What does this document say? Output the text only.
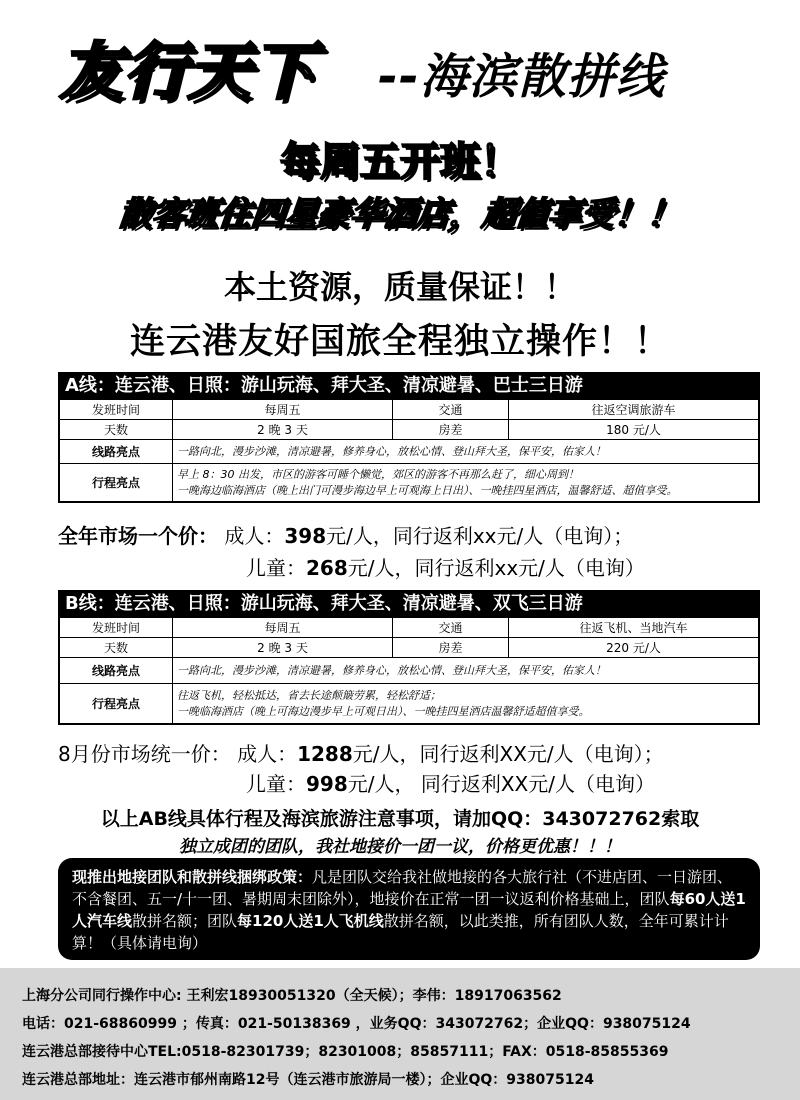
友行天下 --海滨散拼线
每周五开班！
散客班住四星豪华酒店，超值享受！！
本土资源，质量保证！！
连云港友好国旅全程独立操作！！
A线：连云港、日照：游山玩海、拜大圣、清凉避暑、巴士三日游
发班时间	每周五	交通	往返空调旅游车
天数	2 晚 3 天	房差	180 元/人
线路亮点	一路向北，漫步沙滩，清凉避暑，修养身心，放松心情、登山拜大圣，保平安，佑家人！		
行程亮点	早上 8：30 出发，市区的游客可睡个懒觉，郊区的游客不再那么赶了，细心周到！
一晚海边临海酒店（晚上出门可漫步海边早上可观海上日出）、一晚挂四星酒店，温馨舒适、超值享受。		
全年市场一个价： 成人：398元/人，同行返利xx元/人（电询）；
儿童：268元/人，同行返利xx元/人（电询）
B线：连云港、日照：游山玩海、拜大圣、清凉避暑、双飞三日游
发班时间	每周五	交通	往返飞机、当地汽车
天数	2 晚 3 天	房差	220 元/人
线路亮点	一路向北，漫步沙滩，清凉避暑，修养身心，放松心情、登山拜大圣，保平安，佑家人！		
行程亮点	往返飞机，轻松抵达，省去长途颠簸劳累，轻松舒适；
一晚临海酒店（晚上可海边漫步早上可观日出）、一晚挂四星酒店温馨舒适超值享受。		
8月份市场统一价： 成人：1288元/人，同行返利XX元/人（电询）；
儿童：998元/人， 同行返利XX元/人（电询）
以上AB线具体行程及海滨旅游注意事项，请加QQ：343072762索取
独立成团的团队，我社地接价一团一议，价格更优惠！！！
现推出地接团队和散拼线捆绑政策：凡是团队交给我社做地接的各大旅行社（不进店团、一日游团、不含餐团、五一/十一团、暑期周末团除外），地接价在正常一团一议返利价格基础上，团队每60人送1人汽车线散拼名额；团队每120人送1人飞机线散拼名额，以此类推，所有团队人数，全年可累计计算！（具体请电询）
上海分公司同行操作中心: 王利宏18930051320（全天候）；李伟：18917063562
电话：021-68860999 ；传真：021-50138369 ，业务QQ：343072762；企业QQ：938075124
连云港总部接待中心TEL:0518-82301739；82301008；85857111；FAX：0518-85855369
连云港总部地址：连云港市郁州南路12号（连云港市旅游局一楼）；企业QQ：938075124
